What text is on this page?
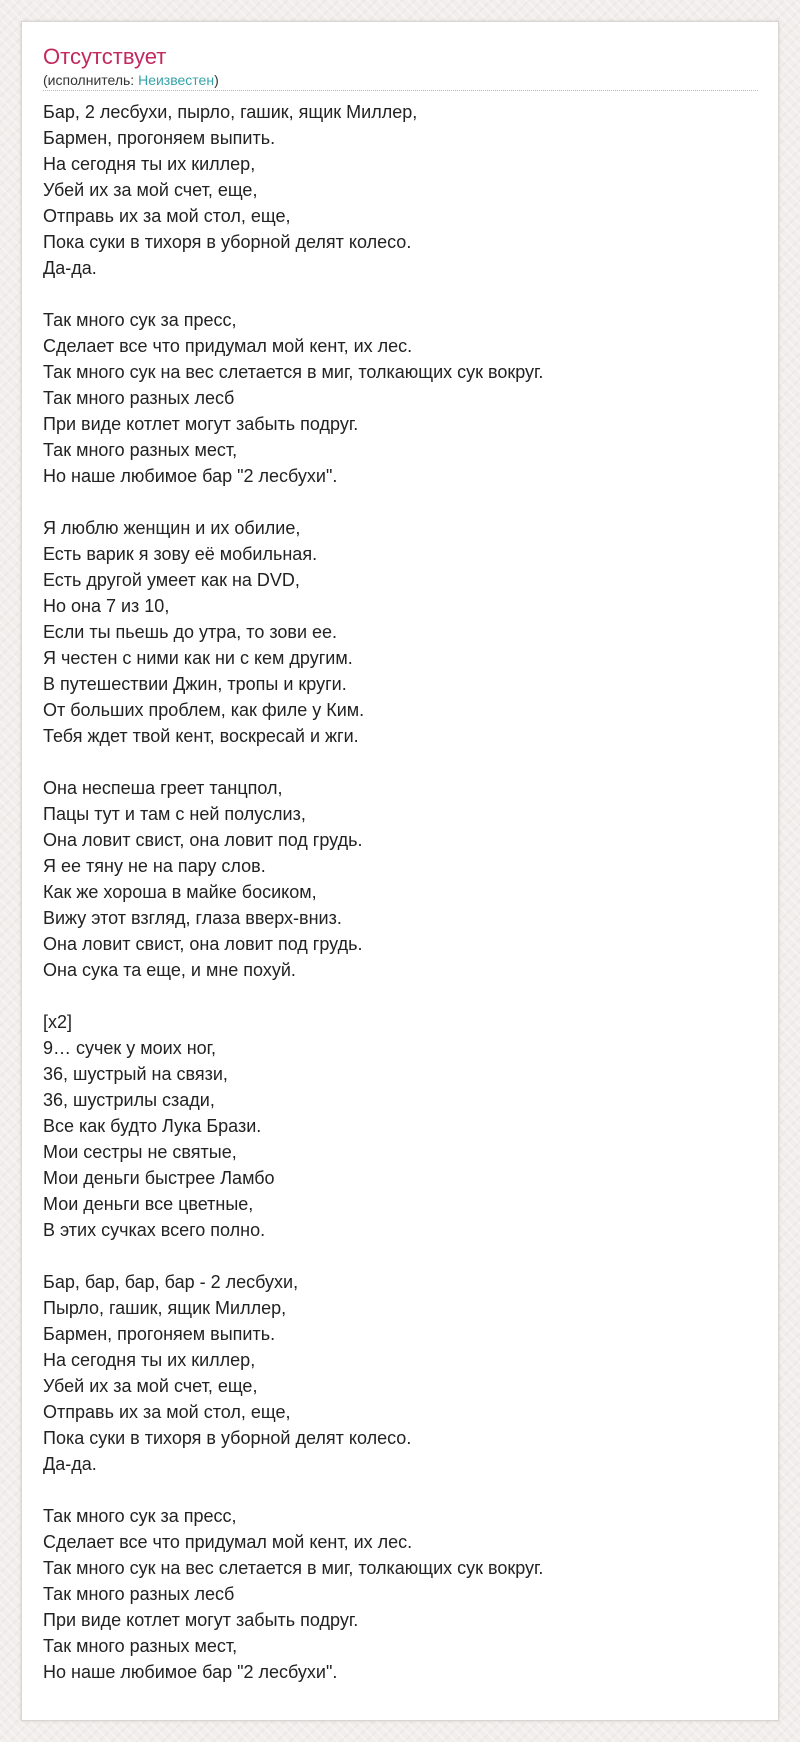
Отсутствует
(исполнитель: Неизвестен)
Бар, 2 лесбухи, пырло, гашик, ящик Миллер,
Бармен, прогоняем выпить.
На сегодня ты их киллер,
Убей их за мой счет, еще,
Отправь их за мой стол, еще,
Пока суки в тихоря в уборной делят колесо.
Да-да.
Так много сук за пресс,
Сделает все что придумал мой кент, их лес.
Так много сук на вес слетается в миг, толкающих сук вокруг.
Так много разных лесб
При виде котлет могут забыть подруг.
Так много разных мест,
Но наше любимое бар "2 лесбухи".
Я люблю женщин и их обилие,
Есть варик я зову её мобильная.
Есть другой умеет как на DVD,
Но она 7 из 10,
Если ты пьешь до утра, то зови ее.
Я честен с ними как ни с кем другим.
В путешествии Джин, тропы и круги.
От больших проблем, как филе у Ким.
Тебя ждет твой кент, воскресай и жги.
Она неспеша греет танцпол,
Пацы тут и там с ней полуслиз,
Она ловит свист, она ловит под грудь.
Я ее тяну не на пару слов.
Как же хороша в майке босиком,
Вижу этот взгляд, глаза вверх-вниз.
Она ловит свист, она ловит под грудь.
Она сука та еще, и мне похуй.
[x2]
9… сучек у моих ног,
36, шустрый на связи,
36, шустрилы сзади,
Все как будто Лука Брази.
Мои сестры не святые,
Мои деньги быстрее Ламбо
Мои деньги все цветные,
В этих сучках всего полно.
Бар, бар, бар, бар - 2 лесбухи,
Пырло, гашик, ящик Миллер,
Бармен, прогоняем выпить.
На сегодня ты их киллер,
Убей их за мой счет, еще,
Отправь их за мой стол, еще,
Пока суки в тихоря в уборной делят колесо.
Да-да.
Так много сук за пресс,
Сделает все что придумал мой кент, их лес.
Так много сук на вес слетается в миг, толкающих сук вокруг.
Так много разных лесб
При виде котлет могут забыть подруг.
Так много разных мест,
Но наше любимое бар "2 лесбухи".
